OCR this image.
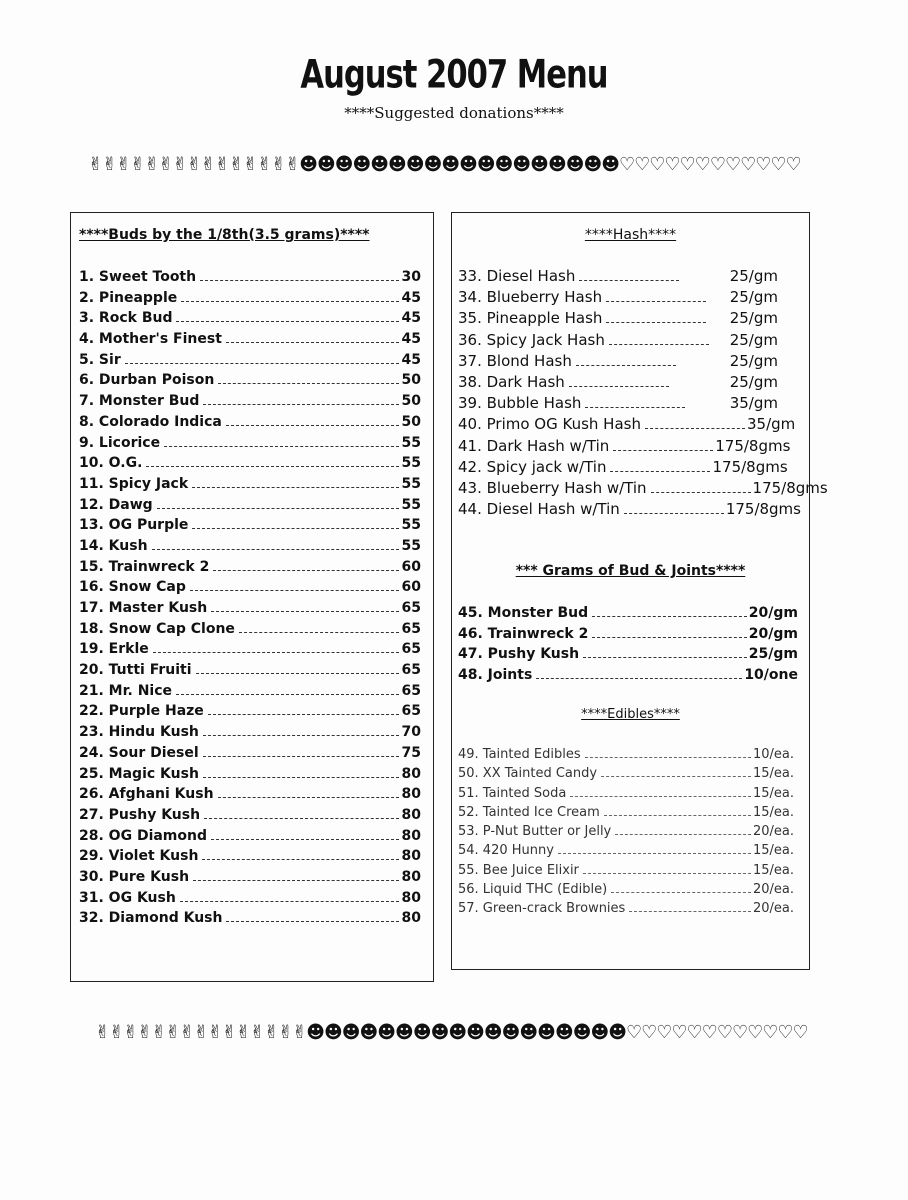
August 2007 Menu
****Suggested donations****
✌✌✌✌✌✌✌✌✌✌✌✌✌✌✌☻☻☻☻☻☻☻☻☻☻☻☻☻☻☻☻☻☻♡♡♡♡♡♡♡♡♡♡♡♡
****Buds by the 1/8th(3.5 grams)****
1. Sweet Tooth	30
2. Pineapple	45
3. Rock Bud	45
4. Mother's Finest	45
5. Sir	45
6. Durban Poison	50
7. Monster Bud	50
8. Colorado Indica	50
9. Licorice	55
10. O.G.	55
11. Spicy Jack	55
12. Dawg	55
13. OG Purple	55
14. Kush	55
15. Trainwreck 2	60
16. Snow Cap	60
17. Master Kush	65
18. Snow Cap Clone	65
19. Erkle	65
20. Tutti Fruiti	65
21. Mr. Nice	65
22. Purple Haze	65
23. Hindu Kush	70
24. Sour Diesel	75
25. Magic Kush	80
26. Afghani Kush	80
27. Pushy Kush	80
28. OG Diamond	80
29. Violet Kush	80
30. Pure Kush	80
31. OG Kush	80
32. Diamond Kush	80
****Hash****
33. Diesel Hash	25/gm
34. Blueberry Hash	25/gm
35. Pineapple Hash	25/gm
36. Spicy Jack Hash	25/gm
37. Blond Hash	25/gm
38. Dark Hash	25/gm
39. Bubble Hash	35/gm
40. Primo OG Kush Hash	35/gm
41. Dark Hash w/Tin	175/8gms
42. Spicy jack w/Tin	175/8gms
43. Blueberry Hash w/Tin	175/8gms
44. Diesel Hash w/Tin	175/8gms
*** Grams of Bud & Joints****
45. Monster Bud	20/gm
46. Trainwreck 2	20/gm
47. Pushy Kush	25/gm
48. Joints	10/one
****Edibles****
49. Tainted Edibles	10/ea.
50. XX Tainted Candy	15/ea.
51. Tainted Soda	15/ea.
52. Tainted Ice Cream	15/ea.
53. P-Nut Butter or Jelly	20/ea.
54. 420 Hunny	15/ea.
55. Bee Juice Elixir	15/ea.
56. Liquid THC (Edible)	20/ea.
57. Green-crack Brownies	20/ea.
✌✌✌✌✌✌✌✌✌✌✌✌✌✌✌☻☻☻☻☻☻☻☻☻☻☻☻☻☻☻☻☻☻♡♡♡♡♡♡♡♡♡♡♡♡
